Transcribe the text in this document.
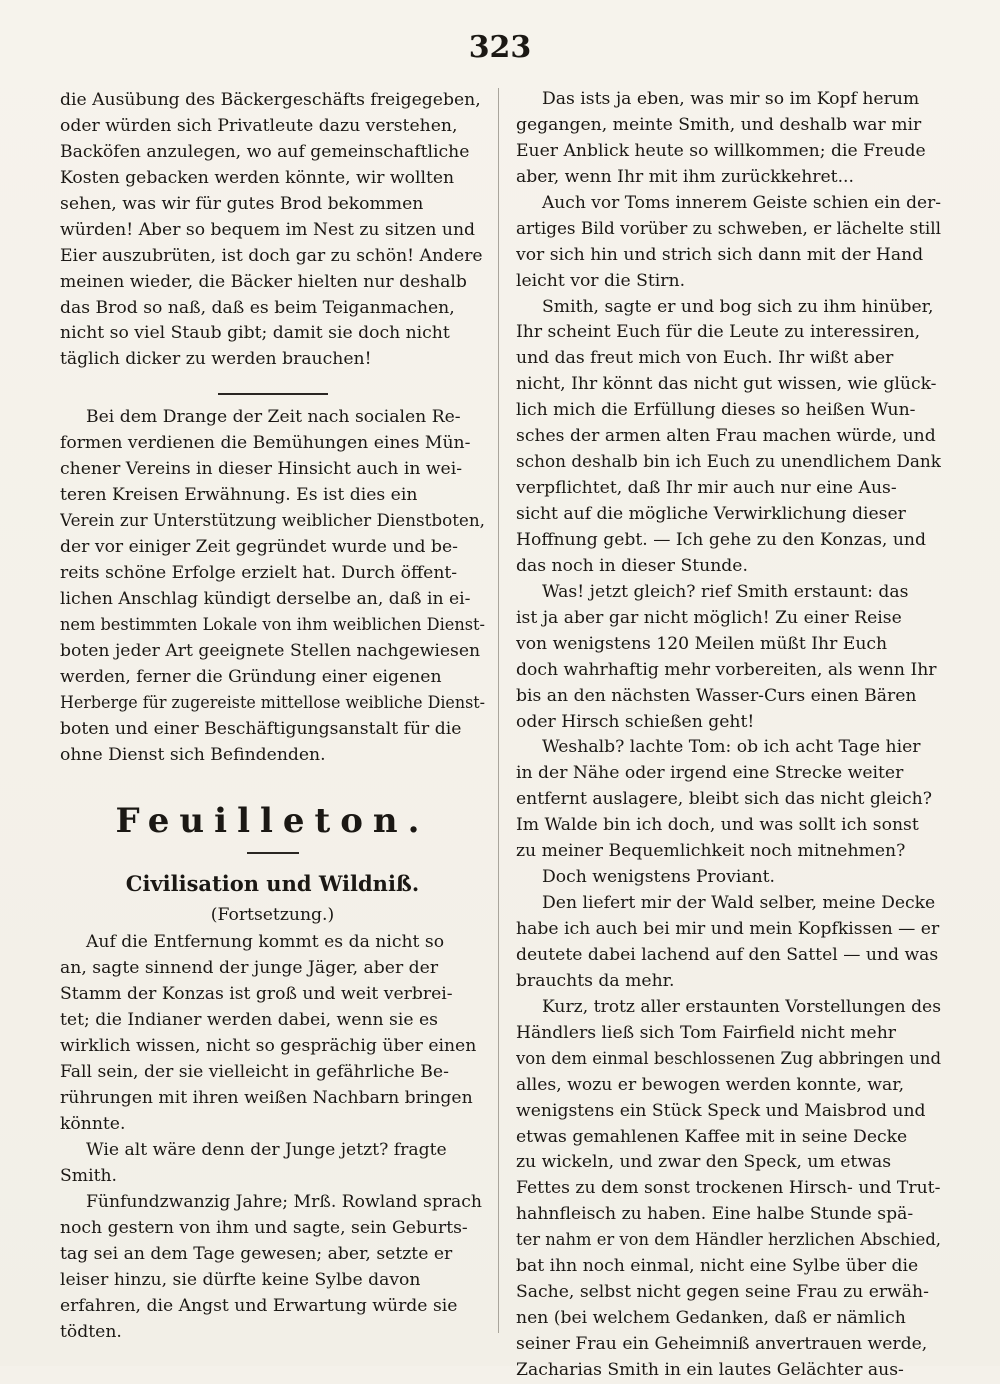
323
die Ausübung des Bäckergeschäfts freigegeben,
oder würden sich Privatleute dazu verstehen,
Backöfen anzulegen, wo auf gemeinschaftliche
Kosten gebacken werden könnte, wir wollten
sehen, was wir für gutes Brod bekommen
würden! Aber so bequem im Nest zu sitzen und
Eier auszubrüten, ist doch gar zu schön! Andere
meinen wieder, die Bäcker hielten nur deshalb
das Brod so naß, daß es beim Teiganmachen,
nicht so viel Staub gibt; damit sie doch nicht
täglich dicker zu werden brauchen!
Bei dem Drange der Zeit nach socialen Re-
formen verdienen die Bemühungen eines Mün-
chener Vereins in dieser Hinsicht auch in wei-
teren Kreisen Erwähnung. Es ist dies ein
Verein zur Unterstützung weiblicher Dienstboten,
der vor einiger Zeit gegründet wurde und be-
reits schöne Erfolge erzielt hat. Durch öffent-
lichen Anschlag kündigt derselbe an, daß in ei-
nem bestimmten Lokale von ihm weiblichen Dienst-
boten jeder Art geeignete Stellen nachgewiesen
werden, ferner die Gründung einer eigenen
Herberge für zugereiste mittellose weibliche Dienst-
boten und einer Beschäftigungsanstalt für die
ohne Dienst sich Befindenden.
Feuilleton.
Civilisation und Wildniß.
(Fortsetzung.)
Auf die Entfernung kommt es da nicht so
an, sagte sinnend der junge Jäger, aber der
Stamm der Konzas ist groß und weit verbrei-
tet; die Indianer werden dabei, wenn sie es
wirklich wissen, nicht so gesprächig über einen
Fall sein, der sie vielleicht in gefährliche Be-
rührungen mit ihren weißen Nachbarn bringen
könnte.
Wie alt wäre denn der Junge jetzt? fragte
Smith.
Fünfundzwanzig Jahre; Mrß. Rowland sprach
noch gestern von ihm und sagte, sein Geburts-
tag sei an dem Tage gewesen; aber, setzte er
leiser hinzu, sie dürfte keine Sylbe davon
erfahren, die Angst und Erwartung würde sie
tödten.
Das ists ja eben, was mir so im Kopf herum
gegangen, meinte Smith, und deshalb war mir
Euer Anblick heute so willkommen; die Freude
aber, wenn Ihr mit ihm zurückkehret...
Auch vor Toms innerem Geiste schien ein der-
artiges Bild vorüber zu schweben, er lächelte still
vor sich hin und strich sich dann mit der Hand
leicht vor die Stirn.
Smith, sagte er und bog sich zu ihm hinüber,
Ihr scheint Euch für die Leute zu interessiren,
und das freut mich von Euch. Ihr wißt aber
nicht, Ihr könnt das nicht gut wissen, wie glück-
lich mich die Erfüllung dieses so heißen Wun-
sches der armen alten Frau machen würde, und
schon deshalb bin ich Euch zu unendlichem Dank
verpflichtet, daß Ihr mir auch nur eine Aus-
sicht auf die mögliche Verwirklichung dieser
Hoffnung gebt. — Ich gehe zu den Konzas, und
das noch in dieser Stunde.
Was! jetzt gleich? rief Smith erstaunt: das
ist ja aber gar nicht möglich! Zu einer Reise
von wenigstens 120 Meilen müßt Ihr Euch
doch wahrhaftig mehr vorbereiten, als wenn Ihr
bis an den nächsten Wasser-Curs einen Bären
oder Hirsch schießen geht!
Weshalb? lachte Tom: ob ich acht Tage hier
in der Nähe oder irgend eine Strecke weiter
entfernt auslagere, bleibt sich das nicht gleich?
Im Walde bin ich doch, und was sollt ich sonst
zu meiner Bequemlichkeit noch mitnehmen?
Doch wenigstens Proviant.
Den liefert mir der Wald selber, meine Decke
habe ich auch bei mir und mein Kopfkissen — er
deutete dabei lachend auf den Sattel — und was
brauchts da mehr.
Kurz, trotz aller erstaunten Vorstellungen des
Händlers ließ sich Tom Fairfield nicht mehr
von dem einmal beschlossenen Zug abbringen und
alles, wozu er bewogen werden konnte, war,
wenigstens ein Stück Speck und Maisbrod und
etwas gemahlenen Kaffee mit in seine Decke
zu wickeln, und zwar den Speck, um etwas
Fettes zu dem sonst trockenen Hirsch- und Trut-
hahnfleisch zu haben. Eine halbe Stunde spä-
ter nahm er von dem Händler herzlichen Abschied,
bat ihn noch einmal, nicht eine Sylbe über die
Sache, selbst nicht gegen seine Frau zu erwäh-
nen (bei welchem Gedanken, daß er nämlich
seiner Frau ein Geheimniß anvertrauen werde,
Zacharias Smith in ein lautes Gelächter aus-
